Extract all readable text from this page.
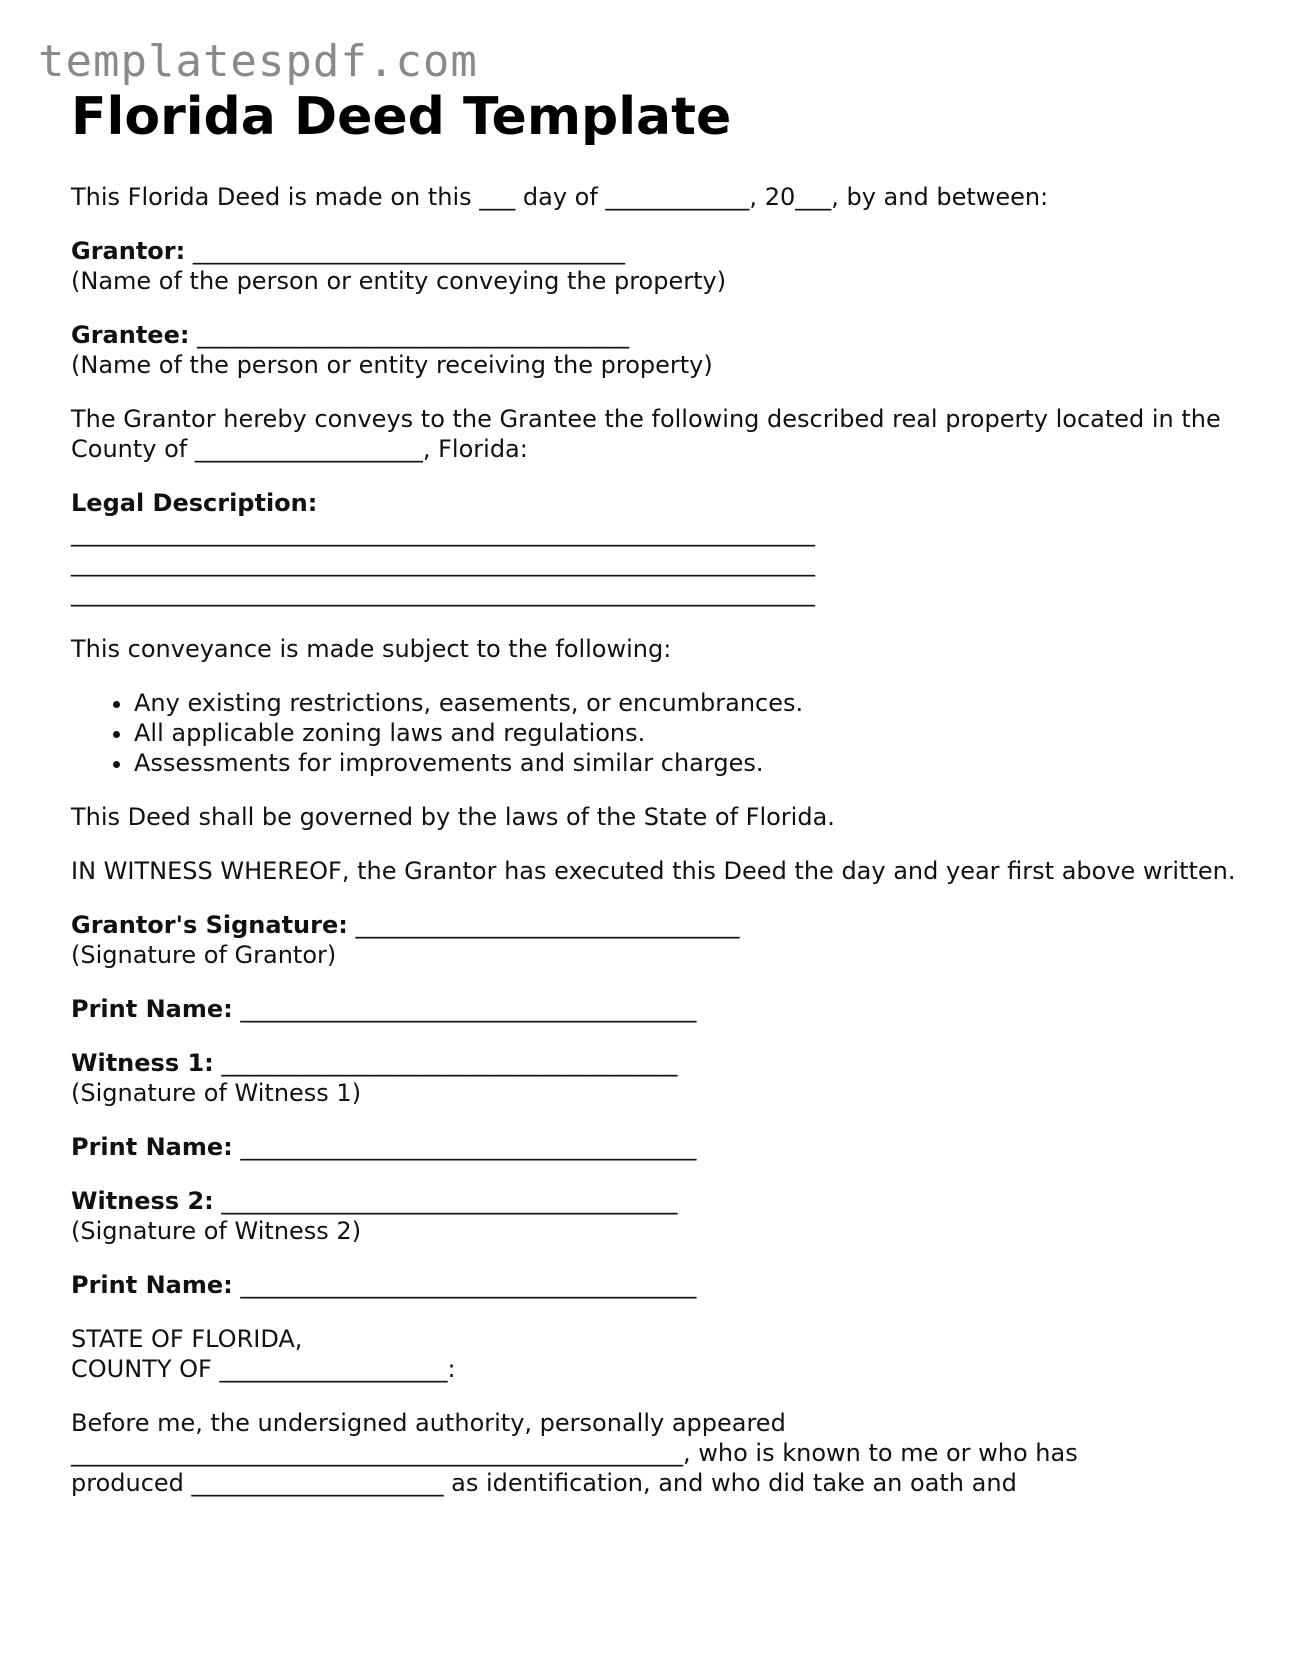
templatespdf.com
Florida Deed Template

This Florida Deed is made on this ___ day of ____________, 20___, by and between:

Grantor: ____________________________________

(Name of the person or entity conveying the property)

Grantee: ____________________________________

(Name of the person or entity receiving the property)

The Grantor hereby conveys to the Grantee the following described real property located in the County of ___________________, Florida:

Legal Description:

______________________________________________________________

______________________________________________________________

______________________________________________________________

This conveyance is made subject to the following:

• Any existing restrictions, easements, or encumbrances.
• All applicable zoning laws and regulations.
• Assessments for improvements and similar charges.

This Deed shall be governed by the laws of the State of Florida.

IN WITNESS WHEREOF, the Grantor has executed this Deed the day and year first above written.

Grantor's Signature: ________________________________

(Signature of Grantor)

Print Name: ______________________________________

Witness 1: ______________________________________

(Signature of Witness 1)

Print Name: ______________________________________

Witness 2: ______________________________________

(Signature of Witness 2)

Print Name: ______________________________________

STATE OF FLORIDA,

COUNTY OF ___________________:

Before me, the undersigned authority, personally appeared

___________________________________________________, who is known to me or who has

produced _____________________ as identification, and who did take an oath and
